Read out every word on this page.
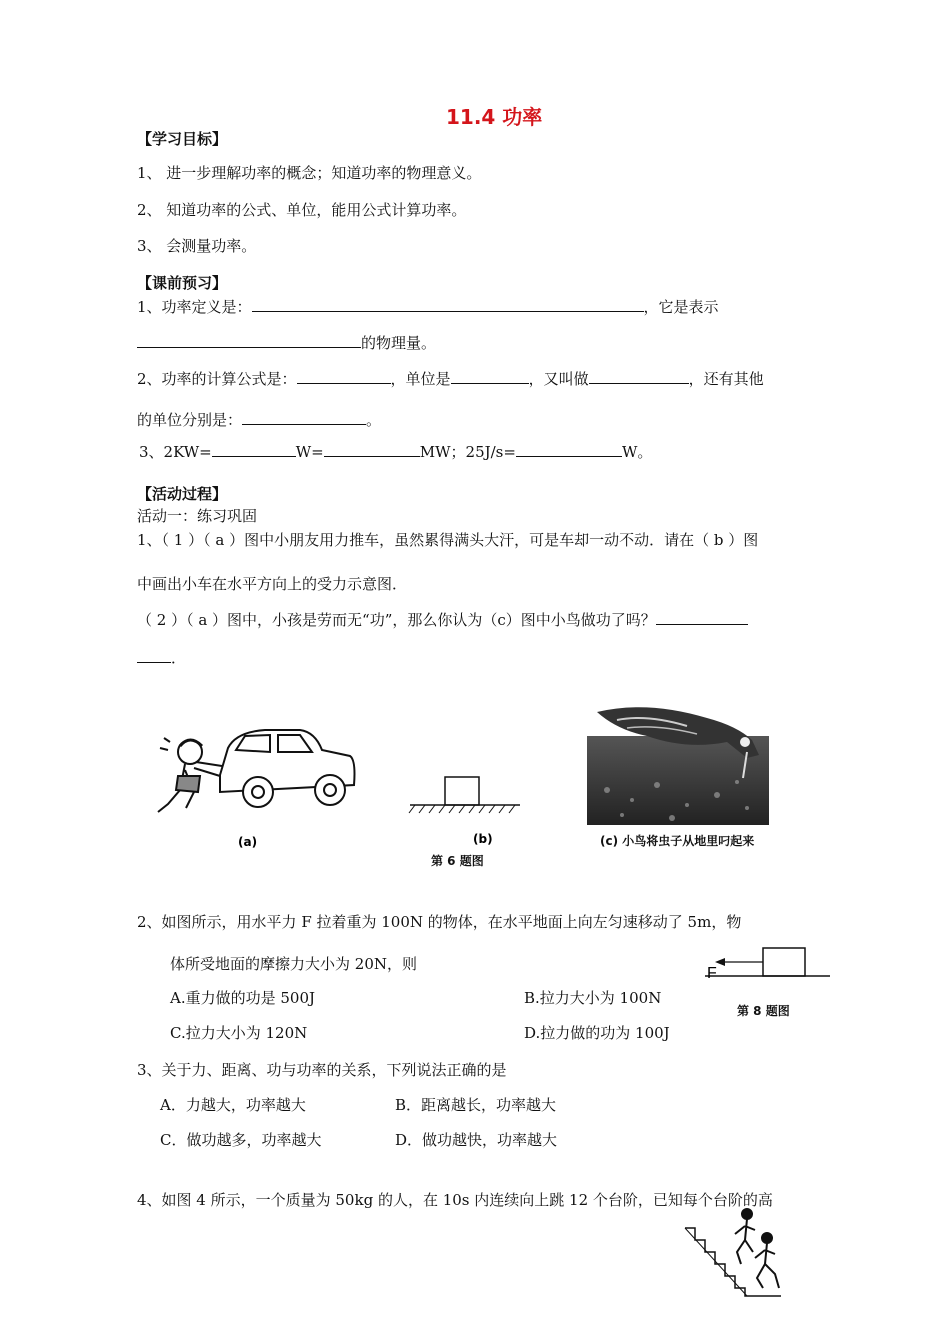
11.4 功率
【学习目标】
1、 进一步理解功率的概念；知道功率的物理意义。
2、 知道功率的公式、单位，能用公式计算功率。
3、 会测量功率。
【课前预习】
1、功率定义是：	，它是表示
的物理量。
2、功率的计算公式是：	，单位是	，又叫做	，还有其他
的单位分别是：	。
3、2KW=	W=	MW；25J/s=	W。
【活动过程】
活动一：练习巩固
1、（ 1 ）（ a ）图中小朋友用力推车，虽然累得满头大汗，可是车却一动不动．请在（ b ）图
中画出小车在水平方向上的受力示意图．
（ 2 ）（ a ）图中，小孩是劳而无“功”，那么你认为（c）图中小鸟做功了吗？
．
(a)	(b)	(c) 小鸟将虫子从地里叼起来
第 6 题图
2、如图所示，用水平力 F 拉着重为 100N 的物体，在水平地面上向左匀速移动了 5m，物
体所受地面的摩擦力大小为 20N，则
A.重力做的功是 500J	B.拉力大小为 100N
C.拉力大小为 120N	D.拉力做的功为 100J
F
第 8 题图
3、关于力、距离、功与功率的关系，下列说法正确的是
A．力越大，功率越大	B．距离越长，功率越大
C．做功越多，功率越大	D．做功越快，功率越大
4、如图 4 所示，一个质量为 50kg 的人，在 10s 内连续向上跳 12 个台阶，已知每个台阶的高
